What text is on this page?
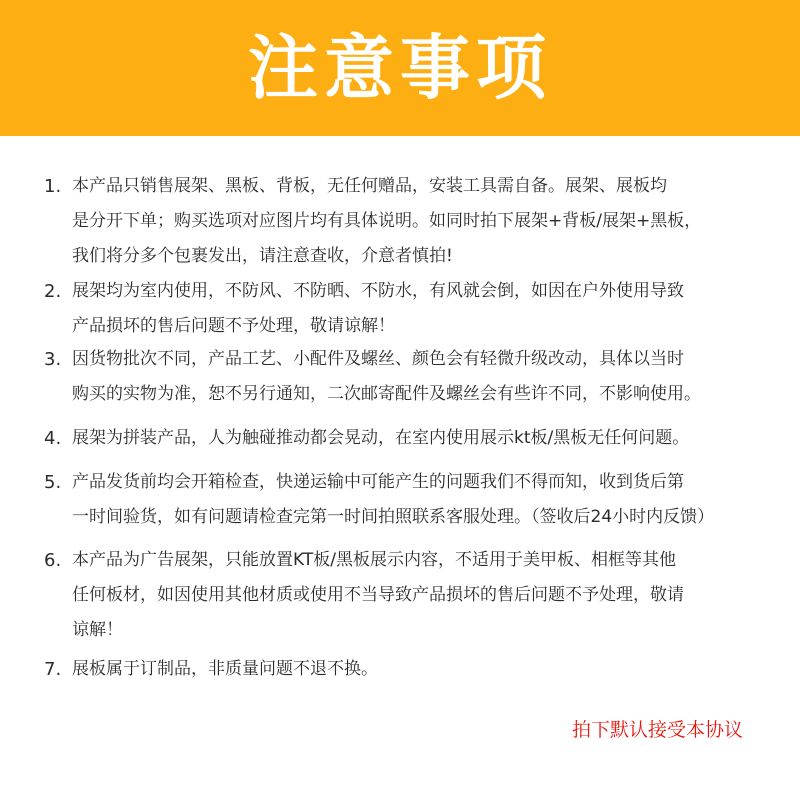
注意事项
1. 本产品只销售展架、黑板、背板，无任何赠品，安装工具需自备。展架、展板均
是分开下单；购买选项对应图片均有具体说明。如同时拍下展架+背板/展架+黑板，
我们将分多个包裹发出，请注意查收，介意者慎拍!
2. 展架均为室内使用，不防风、不防晒、不防水，有风就会倒，如因在户外使用导致
产品损坏的售后问题不予处理，敬请谅解！
3. 因货物批次不同，产品工艺、小配件及螺丝、颜色会有轻微升级改动，具体以当时
购买的实物为准，恕不另行通知，二次邮寄配件及螺丝会有些许不同，不影响使用。
4. 展架为拼装产品，人为触碰推动都会晃动，在室内使用展示kt板/黑板无任何问题。
5. 产品发货前均会开箱检查，快递运输中可能产生的问题我们不得而知，收到货后第
一时间验货，如有问题请检查完第一时间拍照联系客服处理。（签收后24小时内反馈）
6. 本产品为广告展架，只能放置KT板/黑板展示内容，不适用于美甲板、相框等其他
任何板材，如因使用其他材质或使用不当导致产品损坏的售后问题不予处理，敬请
谅解！
7. 展板属于订制品，非质量问题不退不换。
拍下默认接受本协议
